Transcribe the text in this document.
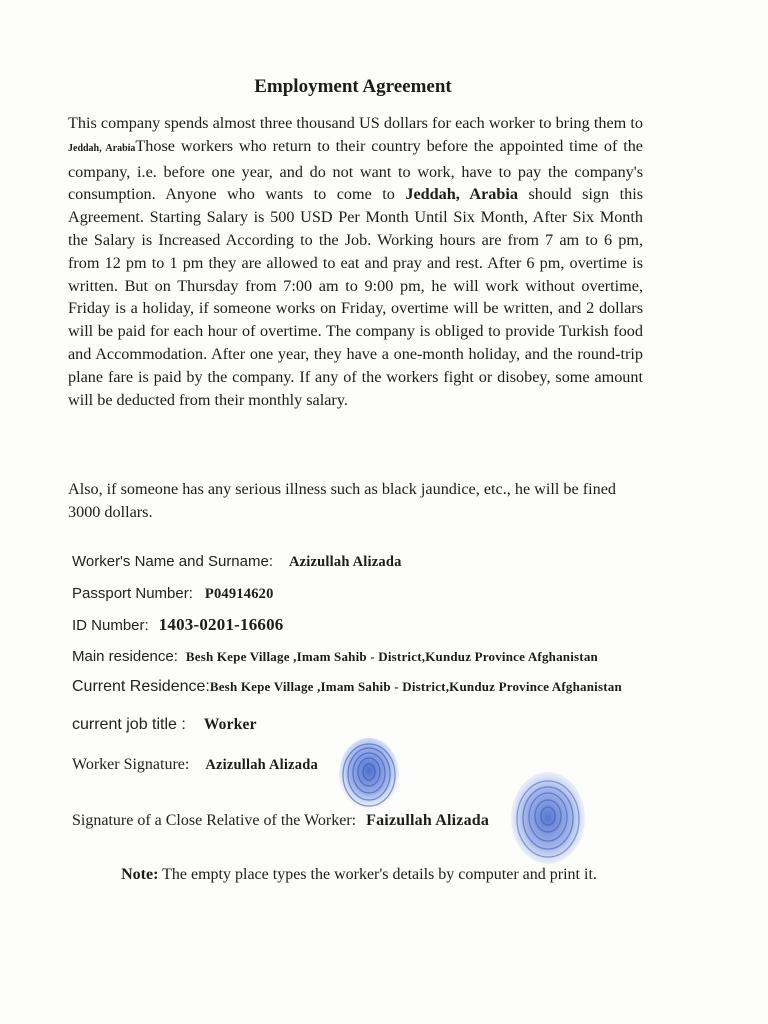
Employment Agreement

This company spends almost three thousand US dollars for each worker to bring them to Jeddah, ArabiaThose workers who return to their country before the appointed time of the company, i.e. before one year, and do not want to work, have to pay the company's consumption. Anyone who wants to come to Jeddah, Arabia should sign this Agreement. Starting Salary is 500 USD Per Month Until Six Month, After Six Month the Salary is Increased According to the Job. Working hours are from 7 am to 6 pm, from 12 pm to 1 pm they are allowed to eat and pray and rest. After 6 pm, overtime is written. But on Thursday from 7:00 am to 9:00 pm, he will work without overtime, Friday is a holiday, if someone works on Friday, overtime will be written, and 2 dollars will be paid for each hour of overtime. The company is obliged to provide Turkish food and Accommodation. After one year, they have a one-month holiday, and the round-trip plane fare is paid by the company. If any of the workers fight or disobey, some amount will be deducted from their monthly salary.

Also, if someone has any serious illness such as black jaundice, etc., he will be fined 3000 dollars.

Worker's Name and Surname: Azizullah Alizada
Passport Number: P04914620
ID Number: 1403-0201-16606
Main residence: Besh Kepe Village ,Imam Sahib - District,Kunduz Province Afghanistan
Current Residence:Besh Kepe Village ,Imam Sahib - District,Kunduz Province Afghanistan
current job title : Worker
Worker Signature: Azizullah Alizada
Signature of a Close Relative of the Worker: Faizullah Alizada

Note: The empty place types the worker's details by computer and print it.
